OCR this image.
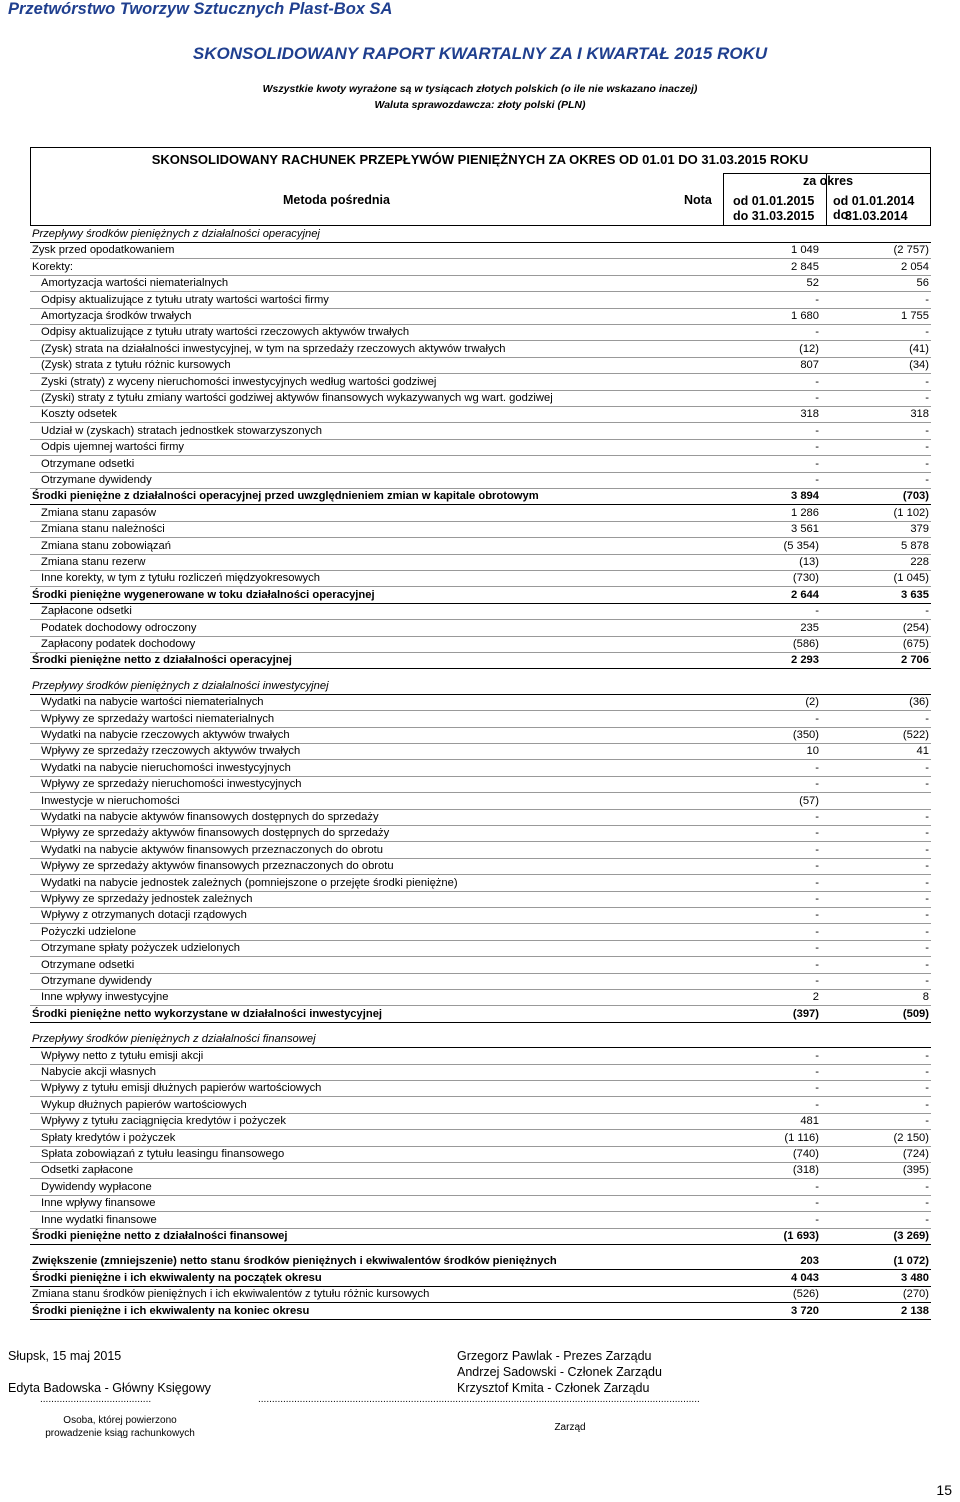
Przetwórstwo Tworzyw Sztucznych Plast-Box SA
SKONSOLIDOWANY RAPORT KWARTALNY ZA I KWARTAŁ 2015 ROKU
Wszystkie kwoty wyrażone są w tysiącach złotych polskich (o ile nie wskazano inaczej)
Waluta sprawozdawcza: złoty polski (PLN)
SKONSOLIDOWANY RACHUNEK PRZEPŁYWÓW PIENIĘŻNYCH ZA OKRES OD 01.01 DO 31.03.2015 ROKU
Metoda pośrednia	Nota
za okres
od 01.01.2015
do 31.03.2015
od 01.01.2014 do
31.03.2014
Przepływy środków pieniężnych z działalności operacyjnej
Zysk przed opodatkowaniem	1 049	(2 757)
Korekty:	2 845	2 054
Amortyzacja wartości niematerialnych	52	56
Odpisy aktualizujące z tytułu utraty wartości wartości firmy	-	-
Amortyzacja środków trwałych	1 680	1 755
Odpisy aktualizujące z tytułu utraty wartości rzeczowych aktywów trwałych	-	-
(Zysk) strata na działalności inwestycyjnej, w tym na sprzedaży rzeczowych aktywów trwałych	(12)	(41)
(Zysk) strata z tytułu różnic kursowych	807	(34)
Zyski (straty) z wyceny nieruchomości inwestycyjnych według wartości godziwej	-	-
(Zyski) straty z tytułu zmiany wartości godziwej aktywów finansowych wykazywanych wg wart. godziwej	-	-
Koszty odsetek	318	318
Udział w (zyskach) stratach jednostkek stowarzyszonych	-	-
Odpis ujemnej wartości firmy	-	-
Otrzymane odsetki	-	-
Otrzymane dywidendy	-	-
Środki pieniężne z działalności operacyjnej przed uwzględnieniem zmian w kapitale obrotowym	3 894	(703)
Zmiana stanu zapasów	1 286	(1 102)
Zmiana stanu należności	3 561	379
Zmiana stanu zobowiązań	(5 354)	5 878
Zmiana stanu rezerw	(13)	228
Inne korekty, w tym z tytułu rozliczeń międzyokresowych	(730)	(1 045)
Środki pieniężne wygenerowane w toku działalności operacyjnej	2 644	3 635
Zapłacone odsetki	-	-
Podatek dochodowy odroczony	235	(254)
Zapłacony podatek dochodowy	(586)	(675)
Środki pieniężne netto z działalności operacyjnej	2 293	2 706
Przepływy środków pieniężnych z działalności inwestycyjnej
Wydatki na nabycie wartości niematerialnych	(2)	(36)
Wpływy ze sprzedaży wartości niematerialnych	-	-
Wydatki na nabycie rzeczowych aktywów trwałych	(350)	(522)
Wpływy ze sprzedaży rzeczowych aktywów trwałych	10	41
Wydatki na nabycie nieruchomości inwestycyjnych	-	-
Wpływy ze sprzedaży nieruchomości inwestycyjnych	-	-
Inwestycje w nieruchomości	(57)
Wydatki na nabycie aktywów finansowych dostępnych do sprzedaży	-	-
Wpływy ze sprzedaży aktywów finansowych dostępnych do sprzedaży	-	-
Wydatki na nabycie aktywów finansowych przeznaczonych do obrotu	-	-
Wpływy ze sprzedaży aktywów finansowych przeznaczonych do obrotu	-	-
Wydatki na nabycie jednostek zależnych (pomniejszone o przejęte środki pieniężne)	-	-
Wpływy ze sprzedaży jednostek zależnych	-	-
Wpływy z otrzymanych dotacji rządowych	-	-
Pożyczki udzielone	-	-
Otrzymane spłaty pożyczek udzielonych	-	-
Otrzymane odsetki	-	-
Otrzymane dywidendy	-	-
Inne wpływy inwestycyjne	2	8
Środki pieniężne netto wykorzystane w działalności inwestycyjnej	(397)	(509)
Przepływy środków pieniężnych z działalności finansowej
Wpływy netto z tytułu emisji akcji	-	-
Nabycie akcji własnych	-	-
Wpływy z tytułu emisji dłużnych papierów wartościowych	-	-
Wykup dłużnych papierów wartościowych	-	-
Wpływy z tytułu zaciągnięcia kredytów i pożyczek	481	-
Spłaty kredytów i pożyczek	(1 116)	(2 150)
Spłata zobowiązań z tytułu leasingu finansowego	(740)	(724)
Odsetki zapłacone	(318)	(395)
Dywidendy wypłacone	-	-
Inne wpływy finansowe	-	-
Inne wydatki finansowe	-	-
Środki pieniężne netto z działalności finansowej	(1 693)	(3 269)
Zwiększenie (zmniejszenie) netto stanu środków pieniężnych i ekwiwalentów środków pieniężnych	203	(1 072)
Środki pieniężne i ich ekwiwalenty na początek okresu	4 043	3 480
Zmiana stanu środków pieniężnych i ich ekwiwalentów z tytułu różnic kursowych	(526)	(270)
Środki pieniężne i ich ekwiwalenty na koniec okresu	3 720	2 138
Słupsk, 15 maj 2015	Grzegorz Pawlak - Prezes Zarządu
Andrzej Sadowski - Członek Zarządu
Krzysztof Kmita - Członek Zarządu
Edyta Badowska - Główny Księgowy
........................................	...............................................................................................................................................................
Osoba, której powierzono
prowadzenie ksiąg rachunkowych
Zarząd
15
